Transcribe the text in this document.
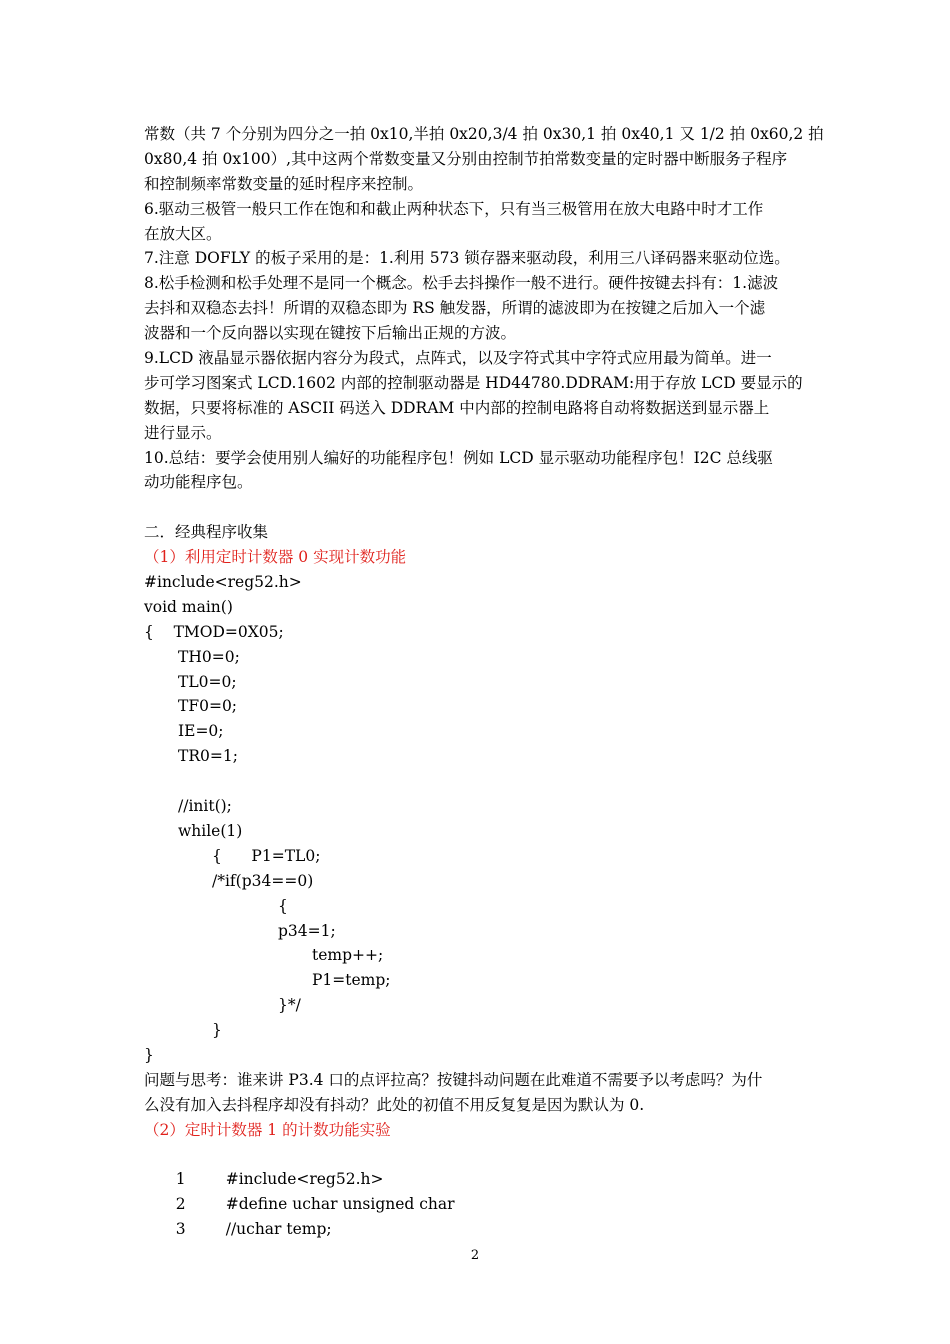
常数（共 7 个分别为四分之一拍 0x10,半拍 0x20,3/4 拍 0x30,1 拍 0x40,1 又 1/2 拍 0x60,2 拍
0x80,4 拍 0x100）,其中这两个常数变量又分别由控制节拍常数变量的定时器中断服务子程序
和控制频率常数变量的延时程序来控制。
6.驱动三极管一般只工作在饱和和截止两种状态下，只有当三极管用在放大电路中时才工作
在放大区。
7.注意 DOFLY 的板子采用的是：1.利用 573 锁存器来驱动段，利用三八译码器来驱动位选。
8.松手检测和松手处理不是同一个概念。松手去抖操作一般不进行。硬件按键去抖有：1.滤波
去抖和双稳态去抖！所谓的双稳态即为 RS 触发器，所谓的滤波即为在按键之后加入一个滤
波器和一个反向器以实现在键按下后输出正规的方波。
9.LCD 液晶显示器依据内容分为段式，点阵式，以及字符式其中字符式应用最为简单。进一
步可学习图案式 LCD.1602 内部的控制驱动器是 HD44780.DDRAM:用于存放 LCD 要显示的
数据，只要将标准的 ASCII 码送入 DDRAM 中内部的控制电路将自动将数据送到显示器上
进行显示。
10.总结：要学会使用别人编好的功能程序包！例如 LCD 显示驱动功能程序包！I2C 总线驱
动功能程序包。
二．经典程序收集
（1）利用定时计数器 0 实现计数功能
#include<reg52.h>
void main()
{    TMOD=0X05;
TH0=0;
TL0=0;
TF0=0;
IE=0;
TR0=1;
//init();
while(1)
{      P1=TL0;
/*if(p34==0)
{
p34=1;
temp++;
P1=temp;
}*/
}
}
问题与思考：谁来讲 P3.4 口的点评拉高？按键抖动问题在此难道不需要予以考虑吗？为什
么没有加入去抖程序却没有抖动？此处的初值不用反复复是因为默认为 0.
（2）定时计数器 1 的计数功能实验

1	#include<reg52.h>

2	#define uchar unsigned char

3	//uchar temp;

2
